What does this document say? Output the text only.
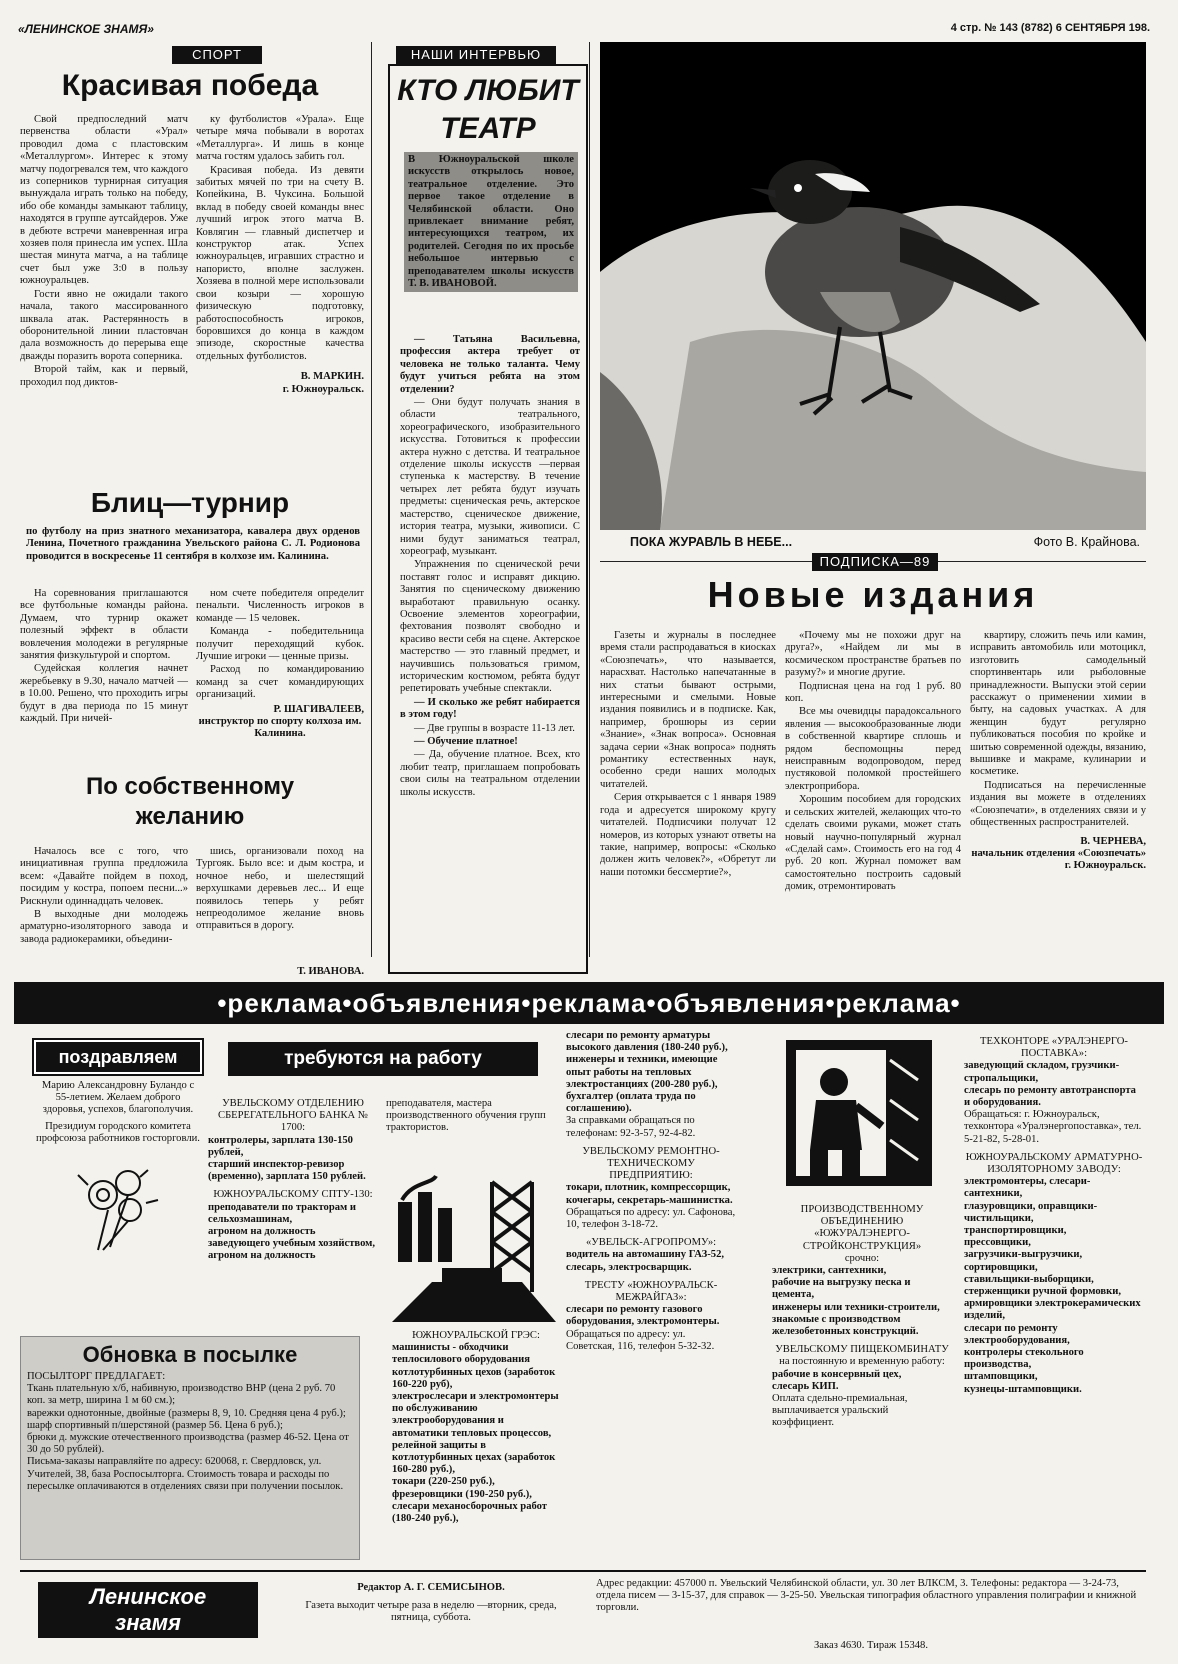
«ЛЕНИНСКОЕ ЗНАМЯ»	4 стр. № 143 (8782) 6 СЕНТЯБРЯ 198.
СПОРТ
Красивая победа

Свой предпоследний матч первенства области «Урал» проводил дома с пластовским «Металлургом». Интерес к этому матчу подогревался тем, что каждого из соперников турнирная ситуация вынуждала играть только на победу, ибо обе команды замыкают таблицу, находятся в группе аутсайдеров. Уже в дебюте встречи маневренная игра хозяев поля принесла им успех. Шла шестая минута матча, а на таблице счет был уже 3:0 в пользу южноуральцев.

Гости явно не ожидали такого начала, такого массированного шквала атак. Растерянность в оборонительной линии пластовчан дала возможность до перерыва еще дважды поразить ворота соперника.

Второй тайм, как и первый, проходил под диктов-

ку футболистов «Урала». Еще четыре мяча побывали в воротах «Металлурга». И лишь в конце матча гостям удалось забить гол.

Красивая победа. Из девяти забитых мячей по три на счету В. Копейкина, В. Чуксина. Большой вклад в победу своей команды внес лучший игрок этого матча В. Ковлягин — главный диспетчер и конструктор атак. Успех южноуральцев, игравших страстно и напористо, вполне заслужен. Хозяева в полной мере использовали свои козыри — хорошую физическую подготовку, работоспособность игроков, боровшихся до конца в каждом эпизоде, скоростные качества отдельных футболистов.

В. МАРКИН.
г. Южноуральск.
Блиц—турнир
по футболу на приз знатного механизатора, кавалера двух орденов Ленина, Почетного гражданина Увельского района С. Л. Родионова проводится в воскресенье 11 сентября в колхозе им. Калинина.

На соревнования приглашаются все футбольные команды района. Думаем, что турнир окажет полезный эффект в области вовлечения молодежи в регулярные занятия физкультурой и спортом.

Судейская коллегия начнет жеребьевку в 9.30, начало матчей — в 10.00. Решено, что проходить игры будут в два периода по 15 минут каждый. При ничей-

ном счете победителя определит пенальти. Численность игроков в команде — 15 человек.

Команда - победительница получит переходящий кубок. Лучшие игроки — ценные призы.

Расход по командированию команд за счет командирующих организаций.

Р. ШАГИВАЛЕЕВ,
инструктор по спорту колхоза им. Калинина.
По собственному
желанию

Началось все с того, что инициативная группа предложила всем: «Давайте пойдем в поход, посидим у костра, попоем песни...» Рискнули одиннадцать человек.

В выходные дни молодежь арматурно-изоляторного завода и завода радиокерамики, объедини-

шись, организовали поход на Тургояк. Было все: и дым костра, и ночное небо, и шелестящий верхушками деревьев лес... И еще появилось теперь у ребят непреодолимое желание вновь отправиться в дорогу.

Т. ИВАНОВА.
НАШИ ИНТЕРВЬЮ
КТО ЛЮБИТ
ТЕАТР
В Южноуральской школе искусств открылось новое, театральное отделение. Это первое такое отделение в Челябинской области. Оно привлекает внимание ребят, интересующихся театром, их родителей. Сегодня по их просьбе небольшое интервью с преподавателем школы искусств Т. В. ИВАНОВОЙ.

— Татьяна Васильевна, профессия актера требует от человека не только таланта. Чему будут учиться ребята на этом отделении?

— Они будут получать знания в области театрального, хореографического, изобразительного искусства. Готовиться к профессии актера нужно с детства. И театральное отделение школы искусств —первая ступенька к мастерству. В течение четырех лет ребята будут изучать предметы: сценическая речь, актерское мастерство, сценическое движение, история театра, музыки, живописи. С ними будут заниматься театрал, хореограф, музыкант.

Упражнения по сценической речи поставят голос и исправят дикцию. Занятия по сценическому движению выработают правильную осанку. Освоение элементов хореографии, фехтования позволят свободно и красиво вести себя на сцене. Актерское мастерство — это главный предмет, и научившись пользоваться гримом, историческим костюмом, ребята будут репетировать учебные спектакли.

— И сколько же ребят набирается в этом году!

— Две группы в возрасте 11-13 лет.

— Обучение платное!

— Да, обучение платное. Всех, кто любит театр, приглашаем попробовать свои силы на театральном отделении школы искусств.

ПОКА ЖУРАВЛЬ В НЕБЕ...	Фото В. Крайнова.
ПОДПИСКА—89
Новые издания

Газеты и журналы в последнее время стали распродаваться в киосках «Союзпечать», что называется, нарасхват. Настолько напечатанные в них статьи бывают острыми, интересными и смелыми. Новые издания появились и в подписке. Как, например, брошюры из серии «Знание», «Знак вопроса». Основная задача серии «Знак вопроса» поднять романтику естественных наук, особенно среди наших молодых читателей.

Серия открывается с 1 января 1989 года и адресуется широкому кругу читателей. Подписчики получат 12 номеров, из которых узнают ответы на такие, например, вопросы: «Сколько должен жить человек?», «Обретут ли наши потомки бессмертие?»,

«Почему мы не похожи друг на друга?», «Найдем ли мы в космическом пространстве братьев по разуму?» и многие другие.

Подписная цена на год 1 руб. 80 коп.

Все мы очевидцы парадоксального явления — высокообразованные люди в собственной квартире сплошь и рядом беспомощны перед неисправным водопроводом, перед пустяковой поломкой простейшего электроприбора.

Хорошим пособием для городских и сельских жителей, желающих что-то сделать своими руками, может стать новый научно-популярный журнал «Сделай сам». Стоимость его на год 4 руб. 20 коп. Журнал поможет вам самостоятельно построить садовый домик, отремонтировать

квартиру, сложить печь или камин, исправить автомобиль или мотоцикл, изготовить самодельный спортинвентарь или рыболовные принадлежности. Выпуски этой серии расскажут о применении химии в быту, на садовых участках. А для женщин будут регулярно публиковаться пособия по кройке и шитью современной одежды, вязанию, вышивке и макраме, кулинарии и косметике.

Подписаться на перечисленные издания вы можете в отделениях «Союзпечати», в отделениях связи и у общественных распространителей.

В. ЧЕРНЕВА,
начальник отделения «Союзпечать» г. Южноуральск.
•реклама•объявления•реклама•объявления•реклама•
поздравляем
Марию Александровну Буландо с 55-летием. Желаем доброго здоровья, успехов, благополучия.
Президиум городского комитета профсоюза работников госторговли.
Обновка в посылке
ПОСЫЛТОРГ ПРЕДЛАГАЕТ:

Ткань плательную х/б, набивную, производство ВНР (цена 2 руб. 70 коп. за метр, ширина 1 м 60 см.);

варежки однотонные, двойные (размеры 8, 9, 10. Средняя цена 4 руб.);

шарф спортивный п/шерстяной (размер 56. Цена 6 руб.);

брюки д. мужские отечественного производства (размер 46-52. Цена от 30 до 50 рублей).

Письма-заказы направляйте по адресу: 620068, г. Свердловск, ул. Учителей, 38, база Роспосылторга. Стоимость товара и расходы по пересылке оплачиваются в отделениях связи при получении посылок.

требуются на работу
УВЕЛЬСКОМУ ОТДЕЛЕНИЮ СБЕРЕГАТЕЛЬНОГО БАНКА № 1700:

контролеры, зарплата 130-150 рублей,

старший инспектор-ревизор (временно), зарплата 150 рублей.

ЮЖНОУРАЛЬСКОМУ СПТУ-130:

преподаватели по тракторам и сельхозмашинам,

агроном на должность заведующего учебным хозяйством,

агроном на должность

преподавателя, мастера производственного обучения групп трактористов.
ЮЖНОУРАЛЬСКОЙ ГРЭС:

машинисты - обходчики теплосилового оборудования котлотурбинных цехов (заработок 160-220 руб),

электрослесари и электромонтеры по обслуживанию электрооборудования и автоматики тепловых процессов, релейной защиты в котлотурбинных цехах (заработок 160-280 руб.),

токари (220-250 руб.), фрезеровщики (190-250 руб.),

слесари механосборочных работ (180-240 руб.),

слесари по ремонту арматуры высокого давления (180-240 руб.),

инженеры и техники, имеющие опыт работы на тепловых электростанциях (200-280 руб.),

бухгалтер (оплата труда по соглашению).

За справками обращаться по телефонам: 92-3-57, 92-4-82.

УВЕЛЬСКОМУ РЕМОНТНО-ТЕХНИЧЕСКОМУ ПРЕДПРИЯТИЮ:

токари, плотник, компрессорщик, кочегары, секретарь-машинистка.

Обращаться по адресу: ул. Сафонова, 10, телефон 3-18-72.

«УВЕЛЬСК-АГРОПРОМУ»:

водитель на автомашину ГАЗ-52,

слесарь, электросварщик.

ТРЕСТУ «ЮЖНОУРАЛЬСК-МЕЖРАЙГАЗ»:

слесари по ремонту газового оборудования, электромонтеры.

Обращаться по адресу: ул. Советская, 116, телефон 5-32-32.

ПРОИЗВОДСТВЕННОМУ ОБЪЕДИНЕНИЮ «ЮЖУРАЛЭНЕРГО-СТРОЙКОНСТРУКЦИЯ»
срочно:

электрики, сантехники,

рабочие на выгрузку песка и цемента,

инженеры или техники-строители, знакомые с производством железобетонных конструкций.

УВЕЛЬСКОМУ ПИЩЕКОМБИНАТУ
на постоянную и временную работу:

рабочие в консервный цех,

слесарь КИП.

Оплата сдельно-премиальная, выплачивается уральский коэффициент.

ТЕХКОНТОРЕ «УРАЛЭНЕРГО-ПОСТАВКА»:

заведующий складом, грузчики-стропальщики,

слесарь по ремонту автотранспорта и оборудования.

Обращаться: г. Южноуральск, техконтора «Уралэнергопоставка», тел. 5-21-82, 5-28-01.

ЮЖНОУРАЛЬСКОМУ АРМАТУРНО-ИЗОЛЯТОРНОМУ ЗАВОДУ:

электромонтеры, слесари-сантехники,

глазуровщики, оправщики-чистильщики,

транспортировщики,

прессовщики,

загрузчики-выгрузчики,

сортировщики,

ставильщики-выборщики,

стерженщики ручной формовки,

армировщики электрокерамических изделий,

слесари по ремонту электрооборудования,

контролеры стекольного производства,

штамповщики,

кузнецы-штамповщики.

Ленинское
знамя
Редактор А. Г. СЕМИСЫНОВ.
Газета выходит четыре раза в неделю —вторник, среда, пятница, суббота.
Адрес редакции: 457000 п. Увельский Челябинской области, ул. 30 лет ВЛКСМ, 3. Телефоны: редактора — 3-24-73, отдела писем — 3-15-37, для справок — 3-25-50. Увельская типография областного управления полиграфии и книжной торговли.
Заказ 4630. Тираж 15348.
